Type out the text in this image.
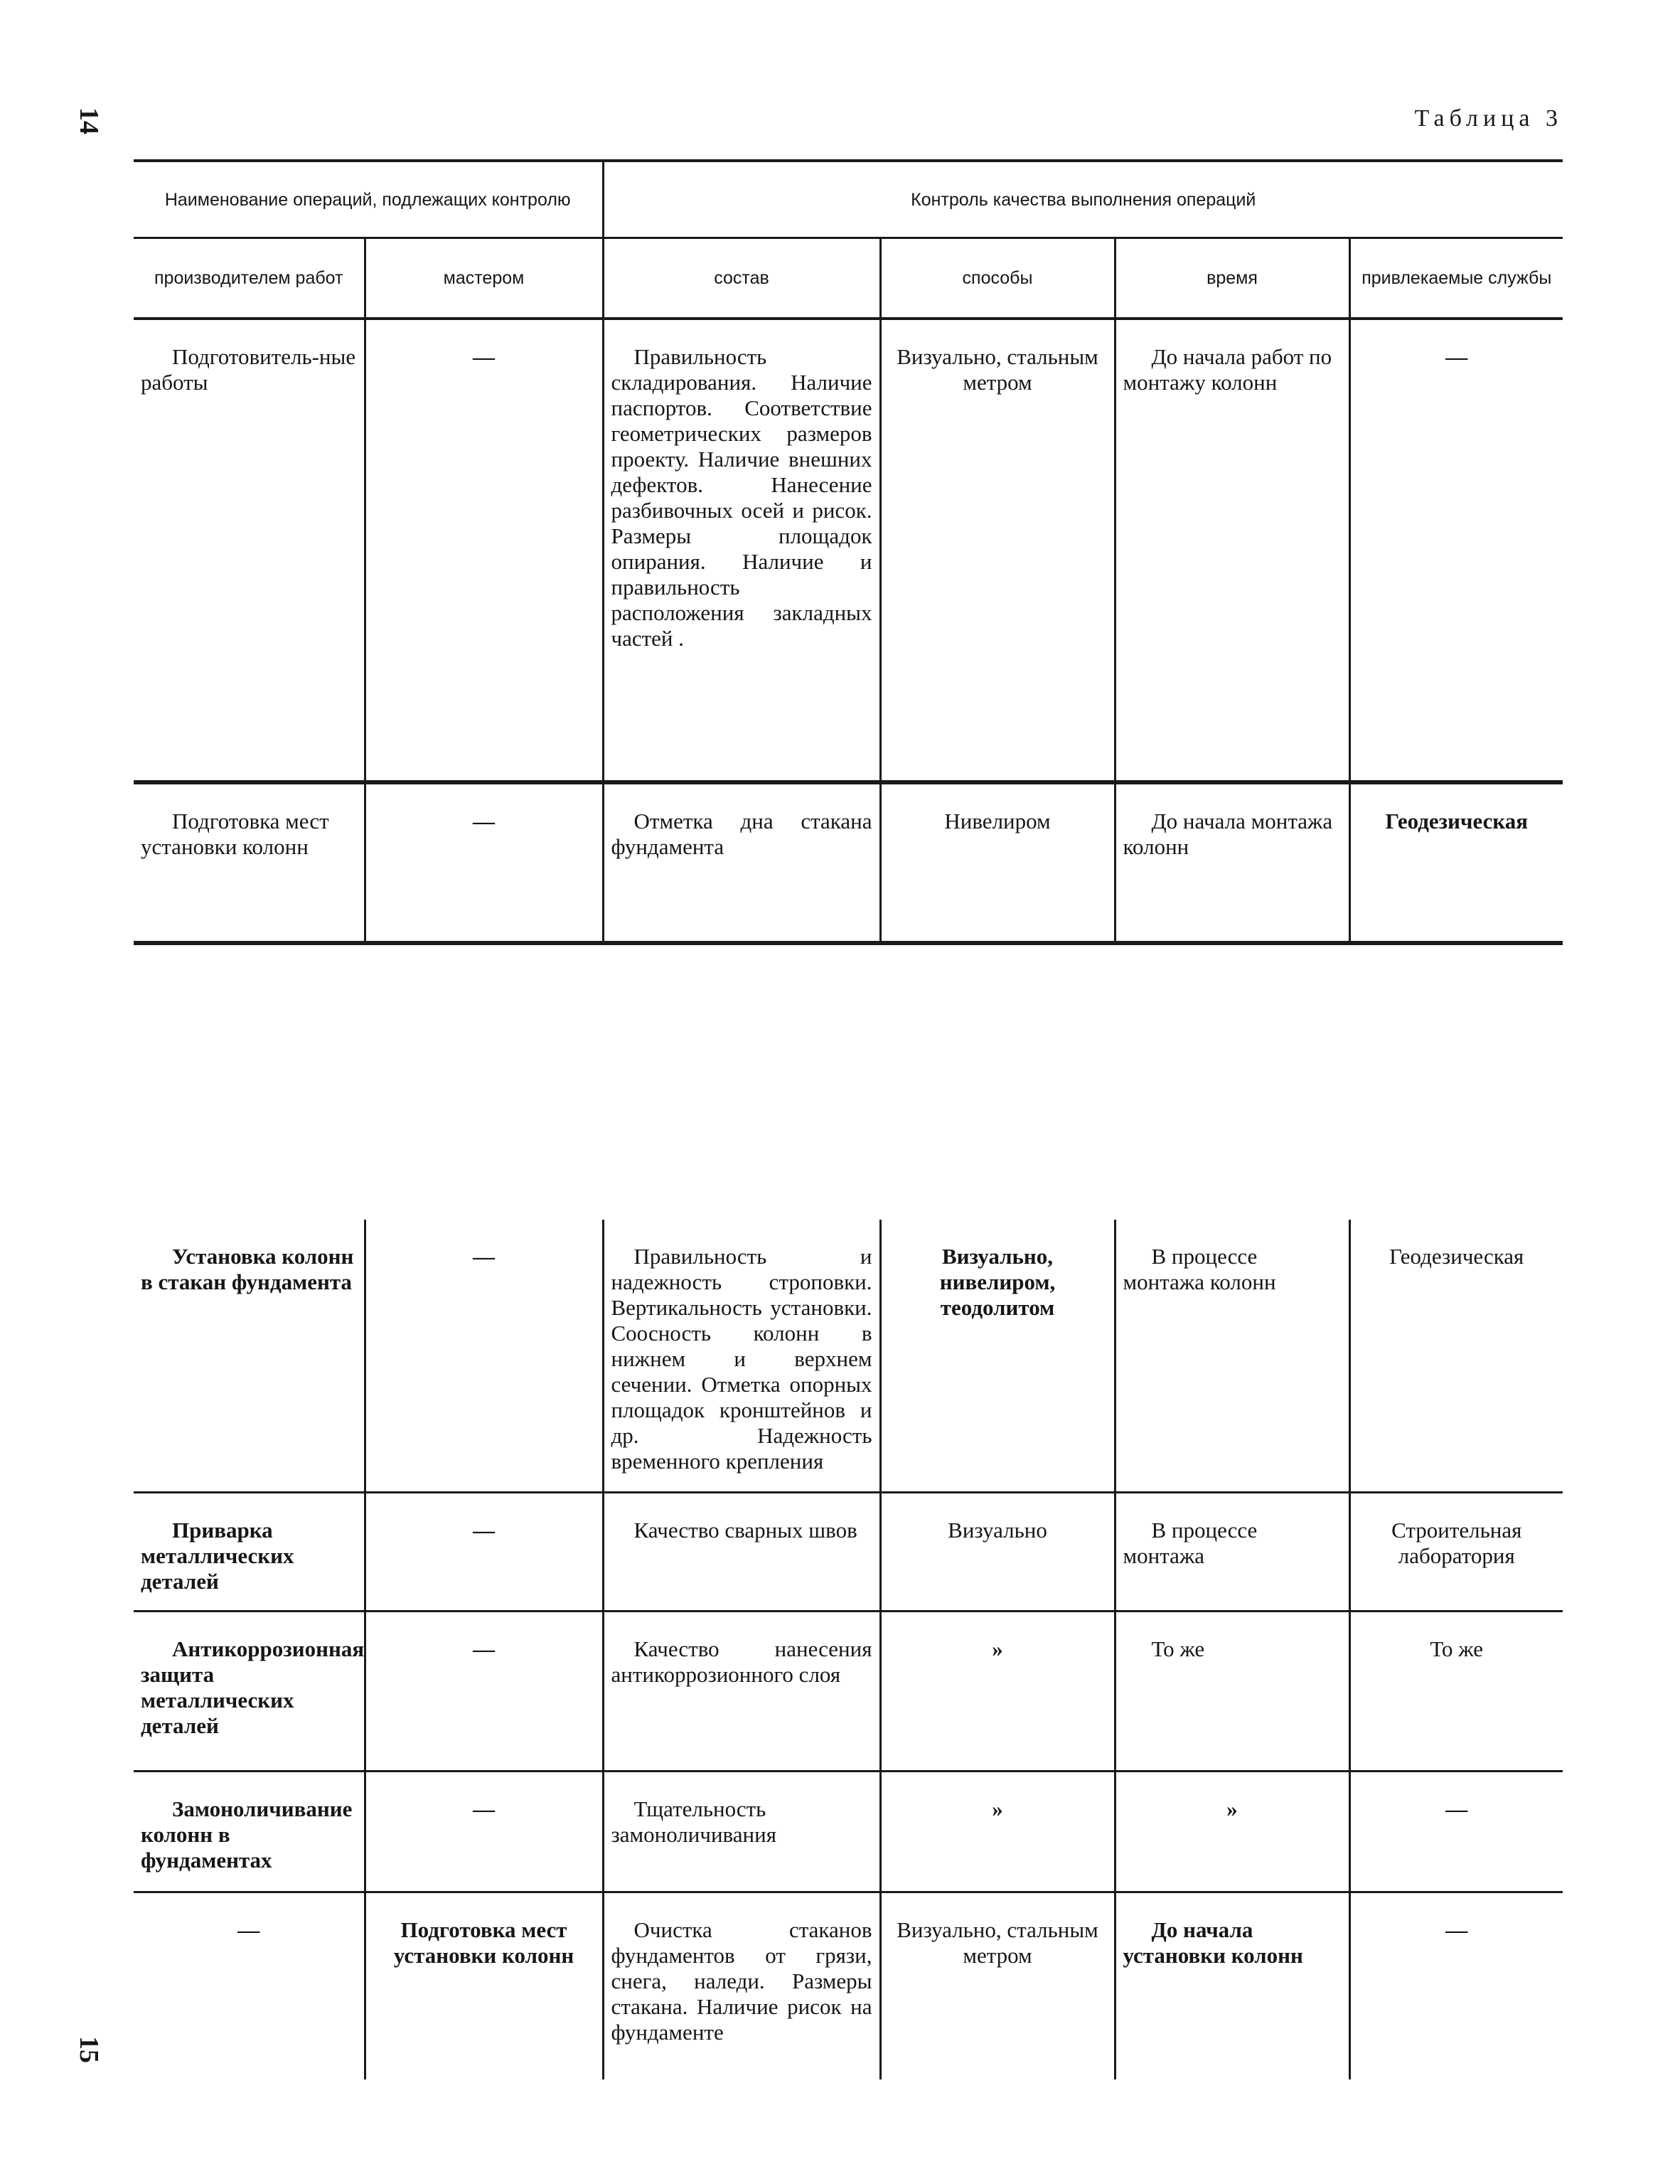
14	Таблица 3
Наименование операций, подлежащих контролю		Контроль качества выполнения операций			
производителем работ	мастером	состав	способы	время	привлекаемые службы
Подготовитель-ные работы	—	Правильность складирования. Наличие паспортов. Соответствие геометрических размеров проекту. Наличие внешних дефектов. Нанесение разбивочных осей и рисок. Размеры площадок опирания. Наличие и правильность расположения закладных частей .	Визуально, стальным метром	До начала работ по монтажу колонн	—
Подготовка мест установки колонн	—	Отметка дна стакана фундамента	Нивелиром	До начала монтажа колонн	Геодезическая
Установка колонн в стакан фундамента	—	Правильность и надежность строповки. Вертикальность установки. Соосность колонн в нижнем и верхнем сечении. Отметка опорных площадок кронштейнов и др. Надежность временного крепления	Визуально, нивелиром, теодолитом	В процессе монтажа колонн	Геодезическая
Приварка металлических деталей	—	Качество сварных швов	Визуально	В процессе монтажа	Строительная лаборатория
Антикоррозионная защита металлических деталей	—	Качество нанесения антикоррозионного слоя	»	То же	То же
Замоноличивание колонн в фундаментах	—	Тщательность замоноличивания	»	»	—
—	Подготовка мест установки колонн	Очистка стаканов фундаментов от грязи, снега, наледи. Размеры стакана. Наличие рисок на фундаменте	Визуально, стальным метром	До начала установки колонн	—
15
